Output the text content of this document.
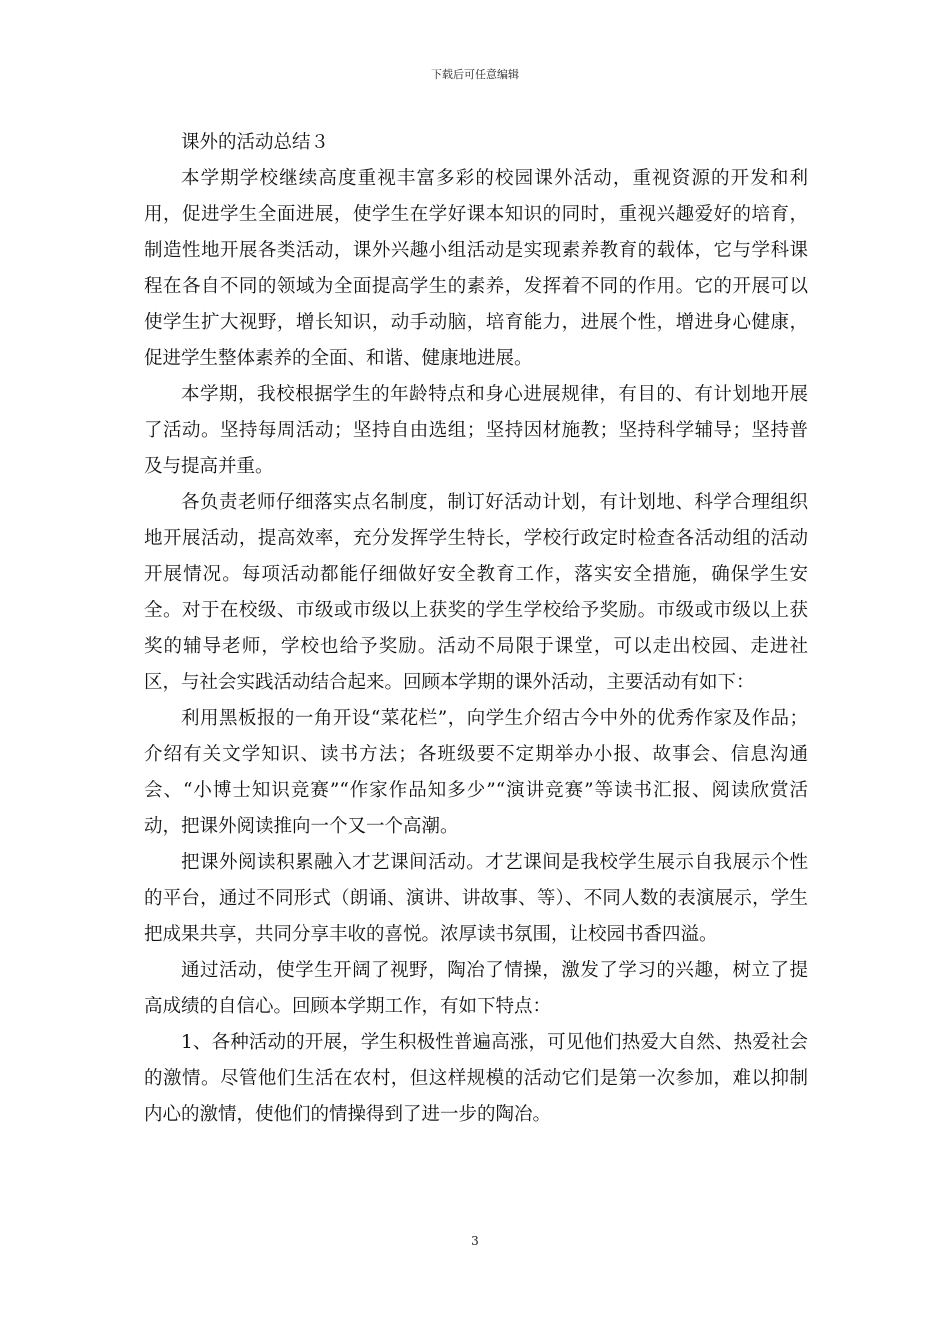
下载后可任意编辑

课外的活动总结３

本学期学校继续高度重视丰富多彩的校园课外活动，重视资源的开发和利用，促进学生全面进展，使学生在学好课本知识的同时，重视兴趣爱好的培育，制造性地开展各类活动，课外兴趣小组活动是实现素养教育的载体，它与学科课程在各自不同的领域为全面提高学生的素养，发挥着不同的作用。它的开展可以使学生扩大视野，增长知识，动手动脑，培育能力，进展个性，增进身心健康，促进学生整体素养的全面、和谐、健康地进展。

本学期，我校根据学生的年龄特点和身心进展规律，有目的、有计划地开展了活动。坚持每周活动；坚持自由选组；坚持因材施教；坚持科学辅导；坚持普及与提高并重。

各负责老师仔细落实点名制度，制订好活动计划，有计划地、科学合理组织地开展活动，提高效率，充分发挥学生特长，学校行政定时检查各活动组的活动开展情况。每项活动都能仔细做好安全教育工作，落实安全措施，确保学生安全。对于在校级、市级或市级以上获奖的学生学校给予奖励。市级或市级以上获奖的辅导老师，学校也给予奖励。活动不局限于课堂，可以走出校园、走进社区，与社会实践活动结合起来。回顾本学期的课外活动，主要活动有如下：

利用黑板报的一角开设“菜花栏”，向学生介绍古今中外的优秀作家及作品；介绍有关文学知识、读书方法；各班级要不定期举办小报、故事会、信息沟通会、“小博士知识竞赛”“作家作品知多少”“演讲竞赛”等读书汇报、阅读欣赏活动，把课外阅读推向一个又一个高潮。

把课外阅读积累融入才艺课间活动。才艺课间是我校学生展示自我展示个性的平台，通过不同形式（朗诵、演讲、讲故事、等）、不同人数的表演展示，学生把成果共享，共同分享丰收的喜悦。浓厚读书氛围，让校园书香四溢。

通过活动，使学生开阔了视野，陶冶了情操，激发了学习的兴趣，树立了提高成绩的自信心。回顾本学期工作，有如下特点：

1、各种活动的开展，学生积极性普遍高涨，可见他们热爱大自然、热爱社会的激情。尽管他们生活在农村，但这样规模的活动它们是第一次参加，难以抑制内心的激情，使他们的情操得到了进一步的陶冶。

3
